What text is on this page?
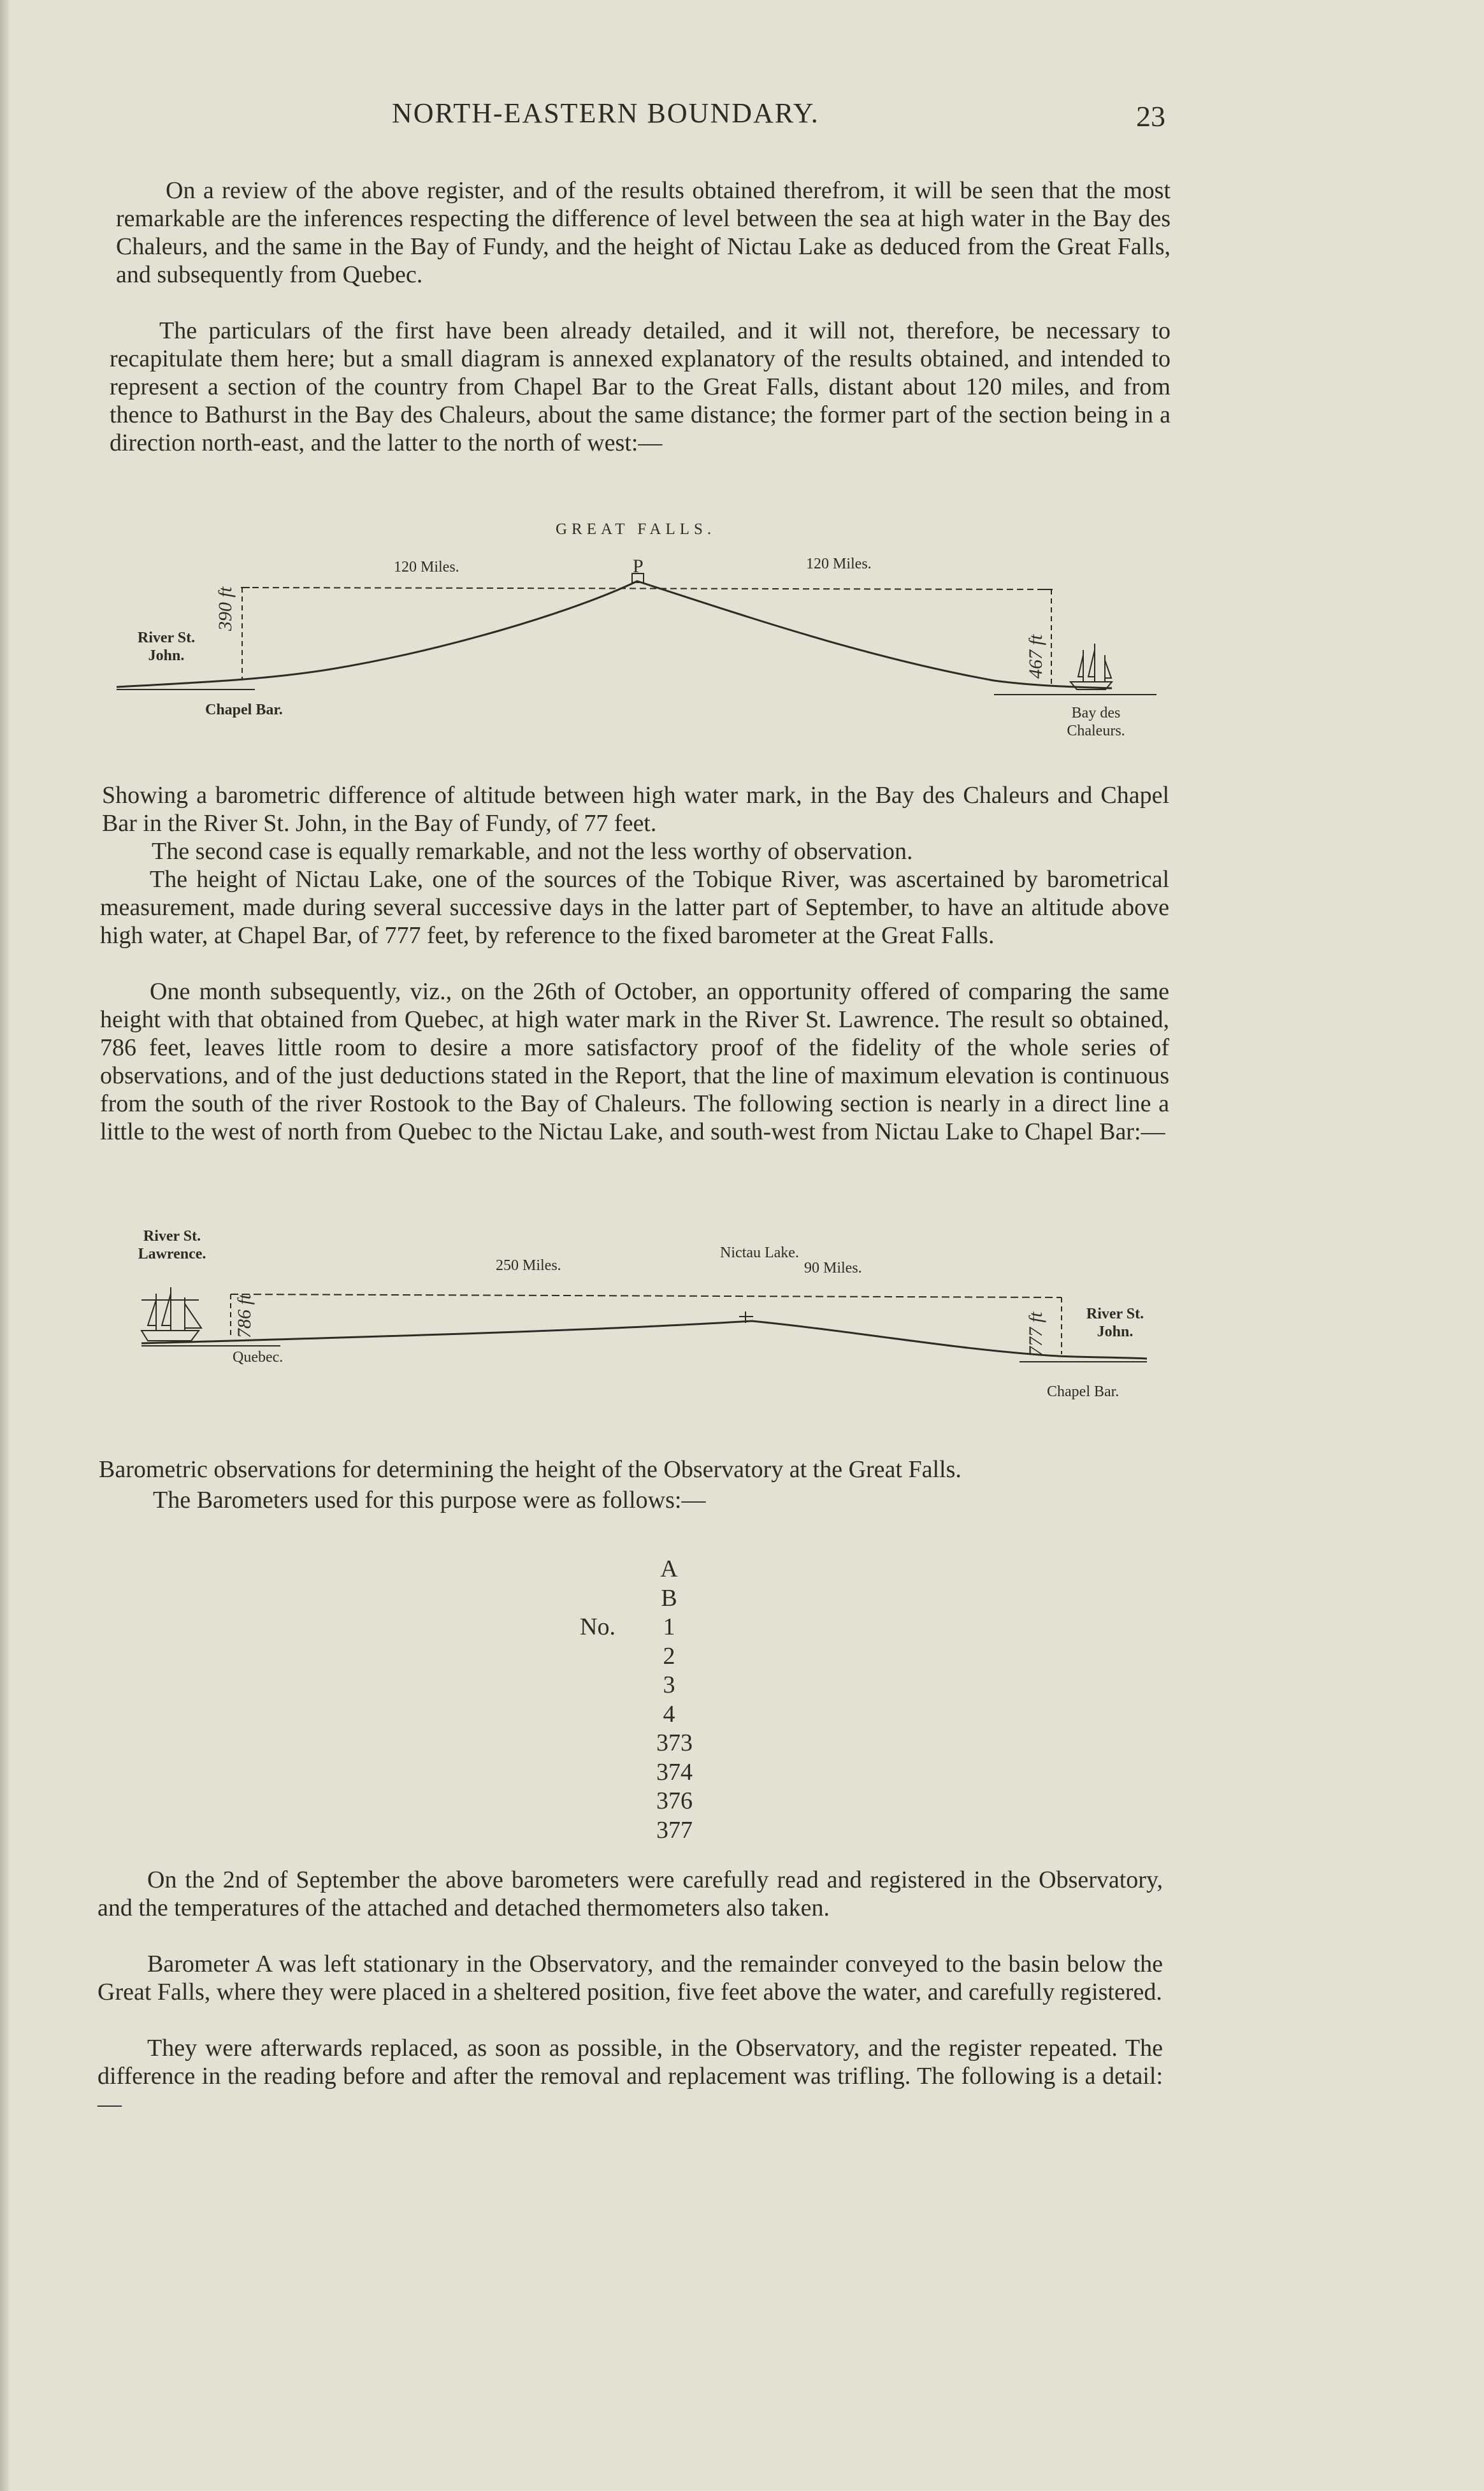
NORTH-EASTERN BOUNDARY.	23

On a review of the above register, and of the results obtained therefrom, it will be seen that the most remarkable are the inferences respecting the difference of level between the sea at high water in the Bay des Chaleurs, and the same in the Bay of Fundy, and the height of Nictau Lake as deduced from the Great Falls, and subsequently from Quebec.

The particulars of the first have been already detailed, and it will not, therefore, be necessary to recapitulate them here; but a small diagram is annexed explanatory of the results obtained, and intended to represent a section of the country from Chapel Bar to the Great Falls, distant about 120 miles, and from thence to Bathurst in the Bay des Chaleurs, about the same distance; the former part of the section being in a direction north-east, and the latter to the north of west:—

GREAT FALLS.
120 Miles.	P	120 Miles.
River St. John.
390 ft
467 ft
Chapel Bar.	Bay des Chaleurs.

Showing a barometric difference of altitude between high water mark, in the Bay des Chaleurs and Chapel Bar in the River St. John, in the Bay of Fundy, of 77 feet.

The second case is equally remarkable, and not the less worthy of observation.

The height of Nictau Lake, one of the sources of the Tobique River, was ascertained by barometrical measurement, made during several successive days in the latter part of September, to have an altitude above high water, at Chapel Bar, of 777 feet, by reference to the fixed barometer at the Great Falls.

One month subsequently, viz., on the 26th of October, an opportunity offered of comparing the same height with that obtained from Quebec, at high water mark in the River St. Lawrence. The result so obtained, 786 feet, leaves little room to desire a more satisfactory proof of the fidelity of the whole series of observations, and of the just deductions stated in the Report, that the line of maximum elevation is continuous from the south of the river Rostook to the Bay of Chaleurs. The following section is nearly in a direct line a little to the west of north from Quebec to the Nictau Lake, and south-west from Nictau Lake to Chapel Bar:—

River St. Lawrence.
250 Miles.
Nictau Lake.
90 Miles.
786 ft	777 ft	River St. John.
Quebec.
Chapel Bar.

Barometric observations for determining the height of the Observatory at the Great Falls.

The Barometers used for this purpose were as follows:—

No.
A
B
1
2
3
4
373
374
376
377

On the 2nd of September the above barometers were carefully read and registered in the Observatory, and the temperatures of the attached and detached thermometers also taken.

Barometer A was left stationary in the Observatory, and the remainder conveyed to the basin below the Great Falls, where they were placed in a sheltered position, five feet above the water, and carefully registered.

They were afterwards replaced, as soon as possible, in the Observatory, and the register repeated. The difference in the reading before and after the removal and replacement was trifling. The following is a detail:—
